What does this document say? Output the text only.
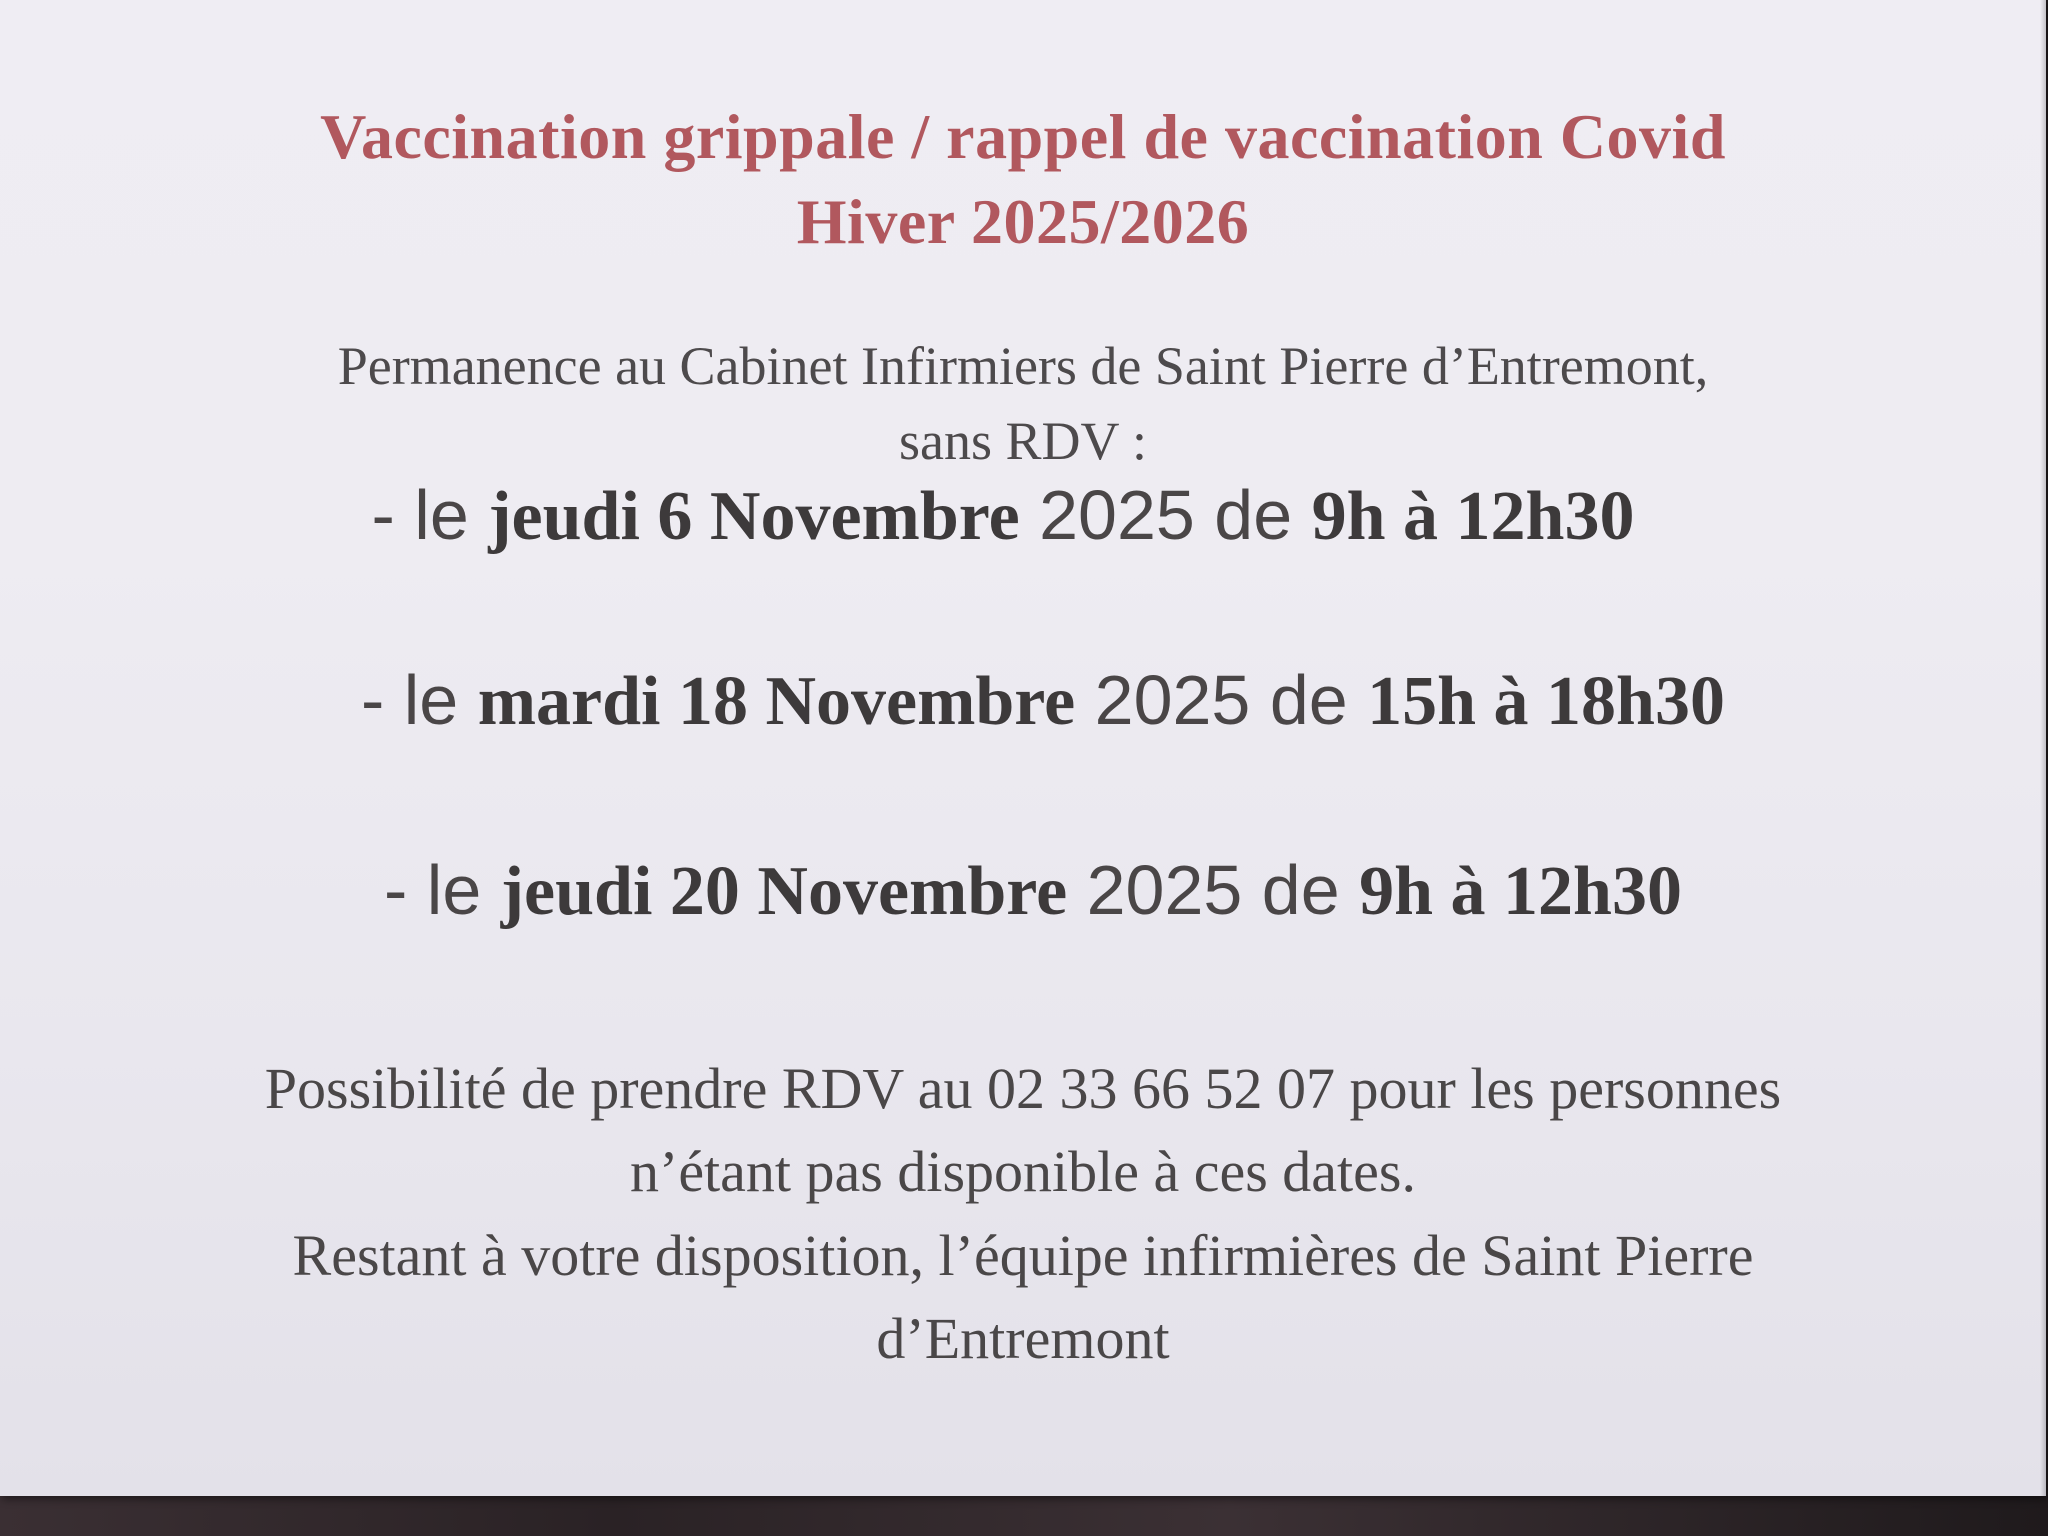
Vaccination grippale / rappel de vaccination Covid
Hiver 2025/2026
Permanence au Cabinet Infirmiers de Saint Pierre d’Entremont,
sans RDV :
- le jeudi 6 Novembre 2025 de 9h à 12h30
- le mardi 18 Novembre 2025 de 15h à 18h30
- le jeudi 20 Novembre 2025 de 9h à 12h30
Possibilité de prendre RDV au 02 33 66 52 07 pour les personnes
n’étant pas disponible à ces dates.
Restant à votre disposition, l’équipe infirmières de Saint Pierre
d’Entremont
